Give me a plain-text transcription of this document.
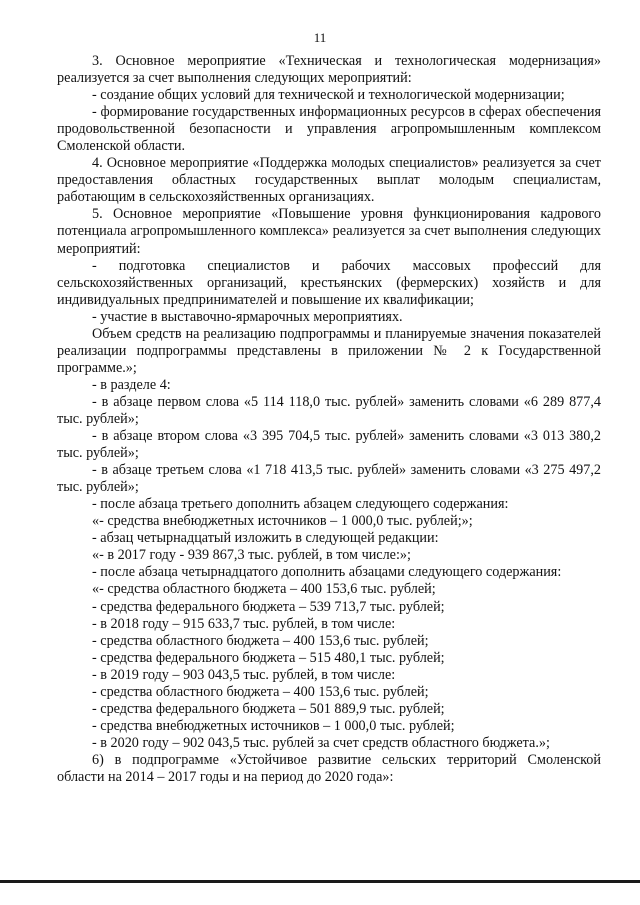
11

3. Основное мероприятие «Техническая и технологическая модернизация» реализуется за счет выполнения следующих мероприятий:

- создание общих условий для технической и технологической модернизации;

- формирование государственных информационных ресурсов в сферах обеспечения продовольственной безопасности и управления агропромышленным комплексом Смоленской области.

4. Основное мероприятие «Поддержка молодых специалистов» реализуется за счет предоставления областных государственных выплат молодым специалистам, работающим в сельскохозяйственных организациях.

5. Основное мероприятие «Повышение уровня функционирования кадрового потенциала агропромышленного комплекса» реализуется за счет выполнения следующих мероприятий:

- подготовка специалистов и рабочих массовых профессий для сельскохозяйственных организаций, крестьянских (фермерских) хозяйств и для индивидуальных предпринимателей и повышение их квалификации;

- участие в выставочно-ярмарочных мероприятиях.

Объем средств на реализацию подпрограммы и планируемые значения показателей реализации подпрограммы представлены в приложении № 2 к Государственной программе.»;

- в разделе 4:

- в абзаце первом слова «5 114 118,0 тыс. рублей» заменить словами «6 289 877,4 тыс. рублей»;

- в абзаце втором слова «3 395 704,5 тыс. рублей» заменить словами «3 013 380,2 тыс. рублей»;

- в абзаце третьем слова «1 718 413,5 тыс. рублей» заменить словами «3 275 497,2 тыс. рублей»;

- после абзаца третьего дополнить абзацем следующего содержания:

«- средства внебюджетных источников – 1 000,0 тыс. рублей;»;

- абзац четырнадцатый изложить в следующей редакции:

«- в 2017 году - 939 867,3 тыс. рублей, в том числе:»;

- после абзаца четырнадцатого дополнить абзацами следующего содержания:

«- средства областного бюджета – 400 153,6 тыс. рублей;

- средства федерального бюджета – 539 713,7 тыс. рублей;

- в 2018 году – 915 633,7 тыс. рублей, в том числе:

- средства областного бюджета – 400 153,6 тыс. рублей;

- средства федерального бюджета – 515 480,1 тыс. рублей;

- в 2019 году – 903 043,5 тыс. рублей, в том числе:

- средства областного бюджета – 400 153,6 тыс. рублей;

- средства федерального бюджета – 501 889,9 тыс. рублей;

- средства внебюджетных источников – 1 000,0 тыс. рублей;

- в 2020 году – 902 043,5 тыс. рублей за счет средств областного бюджета.»;

6) в подпрограмме «Устойчивое развитие сельских территорий Смоленской области на 2014 – 2017 годы и на период до 2020 года»:
